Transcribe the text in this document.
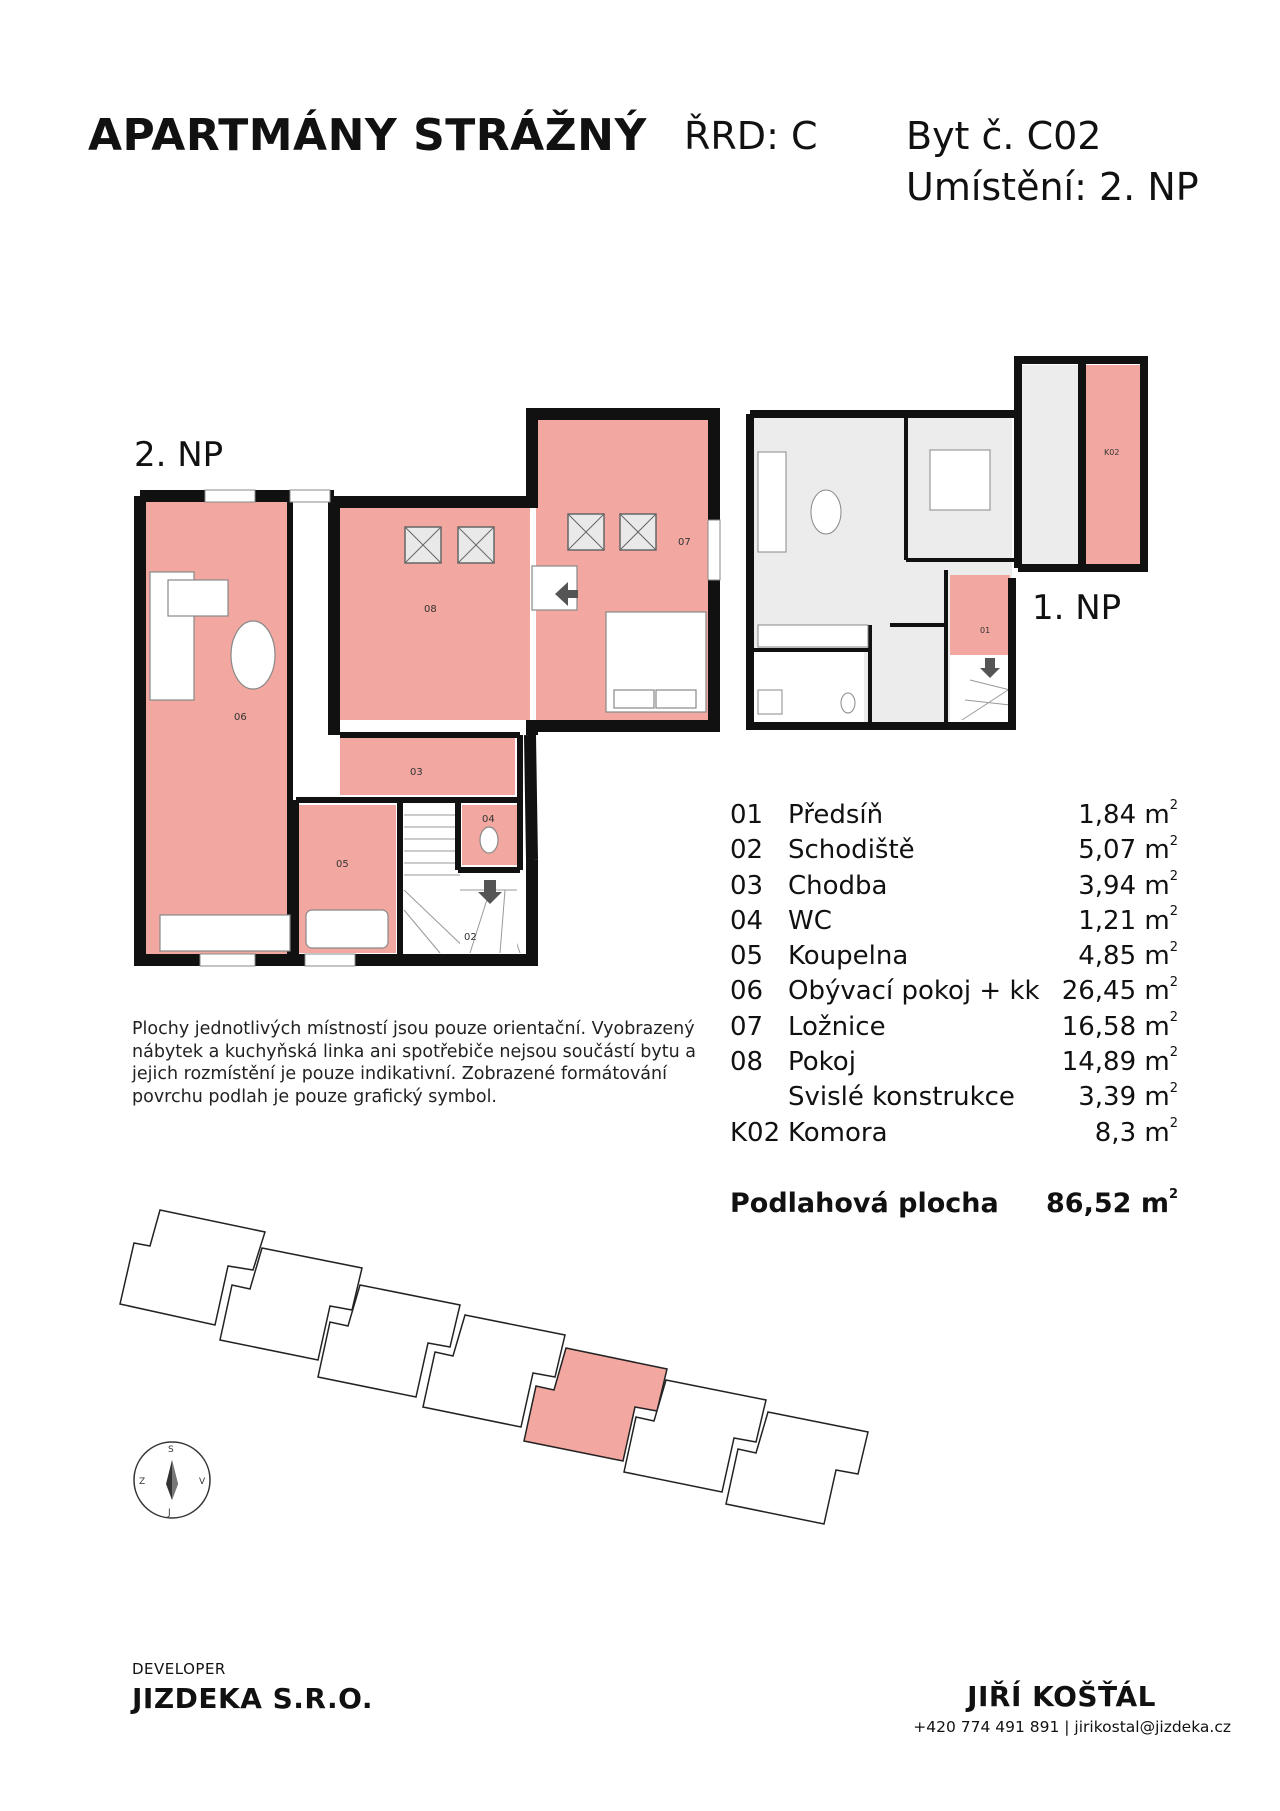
APARTMÁNY STRÁŽNÝ ŘRD: C Byt č. C02
Umístění: 2. NP
2. NP
1. NP
06
08
07
03
05
04
02
K02
01
S
J
Z	V
01 Předsíň	1,84 $m^2$
02 Schodiště	5,07 $m^2$
03 Chodba	3,94 $m^2$
04 WC	1,21 $m^2$
05 Koupelna	4,85 $m^2$
06 Obývací pokoj + kk 26,45 $m^2$
07 Ložnice	16,58 $m^2$
08 Pokoj	14,89 $m^2$
Svislé konstrukce 3,39 $m^2$
K02 Komora	8,3 $m^2$
Podlahová plocha 86,52 $m^2$
Plochy jednotlivých místností jsou pouze orientační. Vyobrazený nábytek a kuchyňská linka ani spotřebiče nejsou součástí bytu a jejich rozmístění je pouze indikativní. Zobrazené formátování povrchu podlah je pouze grafický symbol.
DEVELOPER
JIZDEKA S.R.O.	JIŘÍ KOŠŤÁL
+420 774 491 891 | jirikostal@jizdeka.cz
